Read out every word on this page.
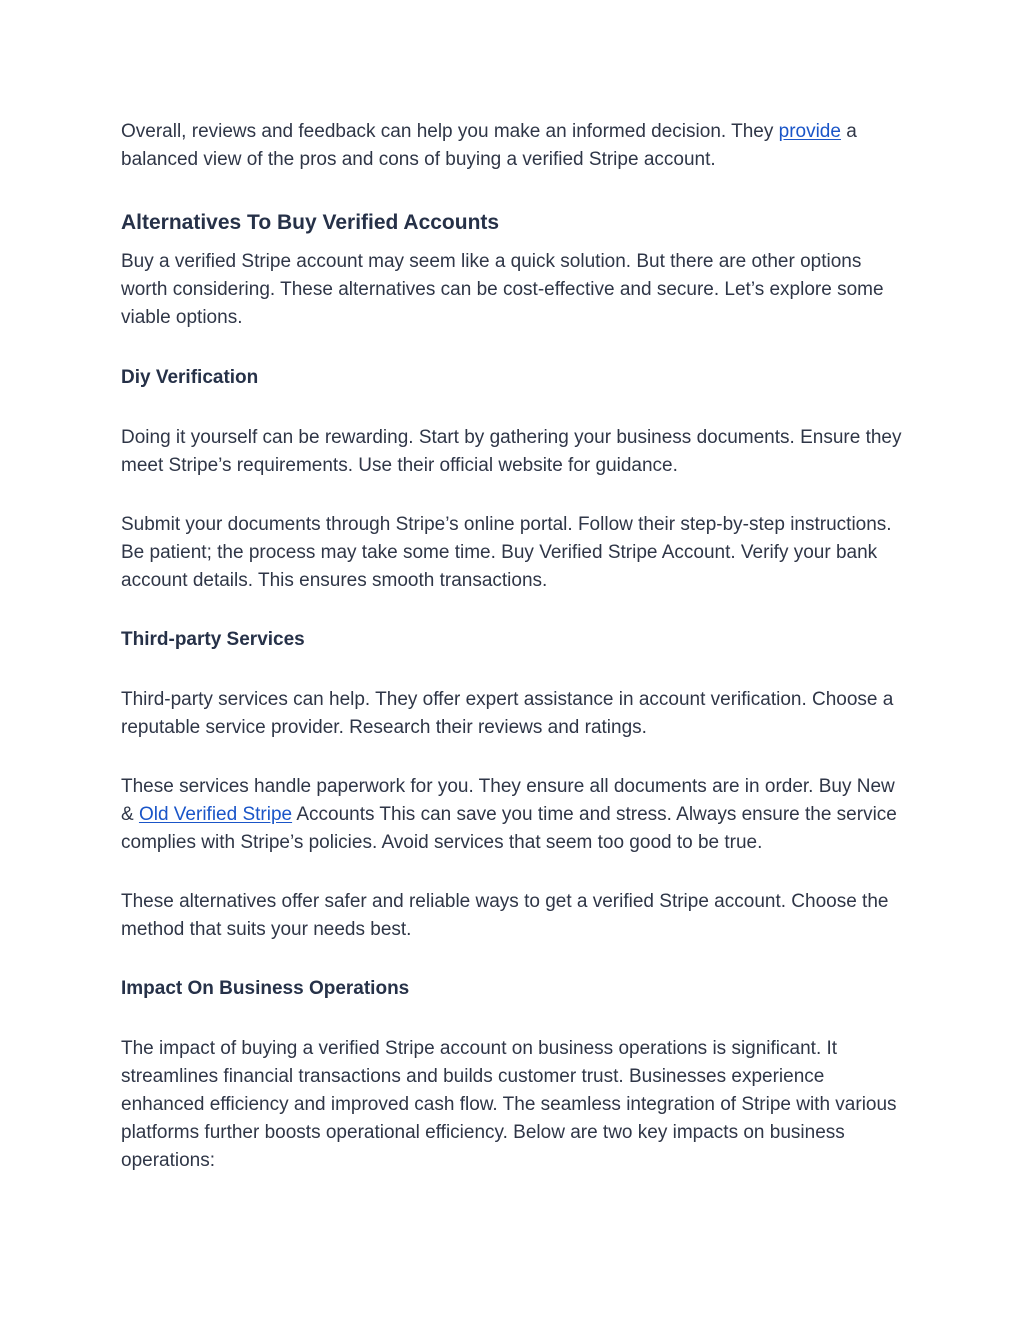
Overall, reviews and feedback can help you make an informed decision. They provide a balanced view of the pros and cons of buying a verified Stripe account.

Alternatives To Buy Verified Accounts

Buy a verified Stripe account may seem like a quick solution. But there are other options worth considering. These alternatives can be cost-effective and secure. Let’s explore some viable options.

Diy Verification

Doing it yourself can be rewarding. Start by gathering your business documents. Ensure they meet Stripe’s requirements. Use their official website for guidance.

Submit your documents through Stripe’s online portal. Follow their step-by-step instructions. Be patient; the process may take some time. Buy Verified Stripe Account. Verify your bank account details. This ensures smooth transactions.

Third-party Services

Third-party services can help. They offer expert assistance in account verification. Choose a reputable service provider. Research their reviews and ratings.

These services handle paperwork for you. They ensure all documents are in order. Buy New & Old Verified Stripe Accounts This can save you time and stress. Always ensure the service complies with Stripe’s policies. Avoid services that seem too good to be true.

These alternatives offer safer and reliable ways to get a verified Stripe account. Choose the method that suits your needs best.

Impact On Business Operations

The impact of buying a verified Stripe account on business operations is significant. It streamlines financial transactions and builds customer trust. Businesses experience enhanced efficiency and improved cash flow. The seamless integration of Stripe with various platforms further boosts operational efficiency. Below are two key impacts on business operations:
